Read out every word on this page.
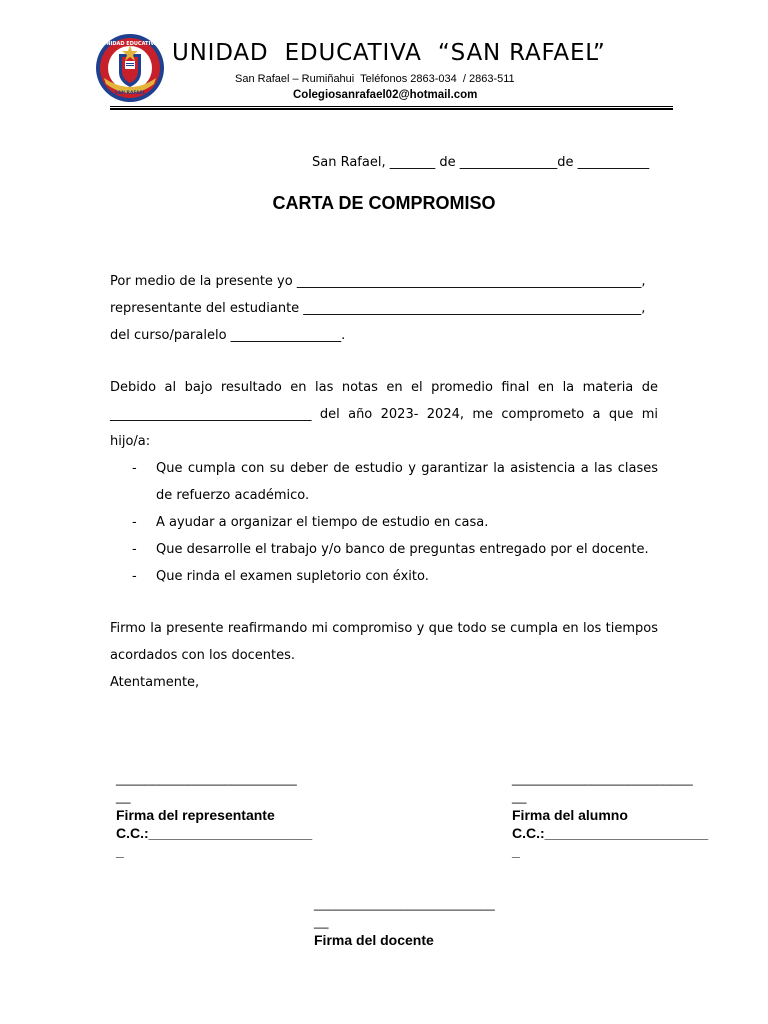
UNIDAD EDUCATIVA
SAN RAFAEL
UNIDAD  EDUCATIVA  “SAN RAFAEL”
San Rafael – Rumiñahui  Teléfonos 2863-034  / 2863-511
Colegiosanrafael02@hotmail.com
San Rafael, _______ de _______________de ___________
CARTA DE COMPROMISO
Por medio de la presente yo _____________________________________________________,
representante del estudiante ____________________________________________________,
del curso/paralelo _________________.
Debido al bajo resultado en las notas en el promedio final en la materia de _______________________________ del año 2023- 2024, me comprometo a que mi hijo/a:
- Que cumpla con su deber de estudio y garantizar la asistencia a las clases de refuerzo académico.
- A ayudar a organizar el tiempo de estudio en casa.
- Que desarrolle el trabajo y/o banco de preguntas entregado por el docente.
- Que rinda el examen supletorio con éxito.
Firmo la presente reafirmando mi compromiso y que todo se cumpla en los tiempos acordados con los docentes.
Atentamente,
_________________________
__
Firma del representante
C.C.:_____________________
_
_________________________
__
Firma del alumno
C.C.:_____________________
_
_________________________
__
Firma del docente
